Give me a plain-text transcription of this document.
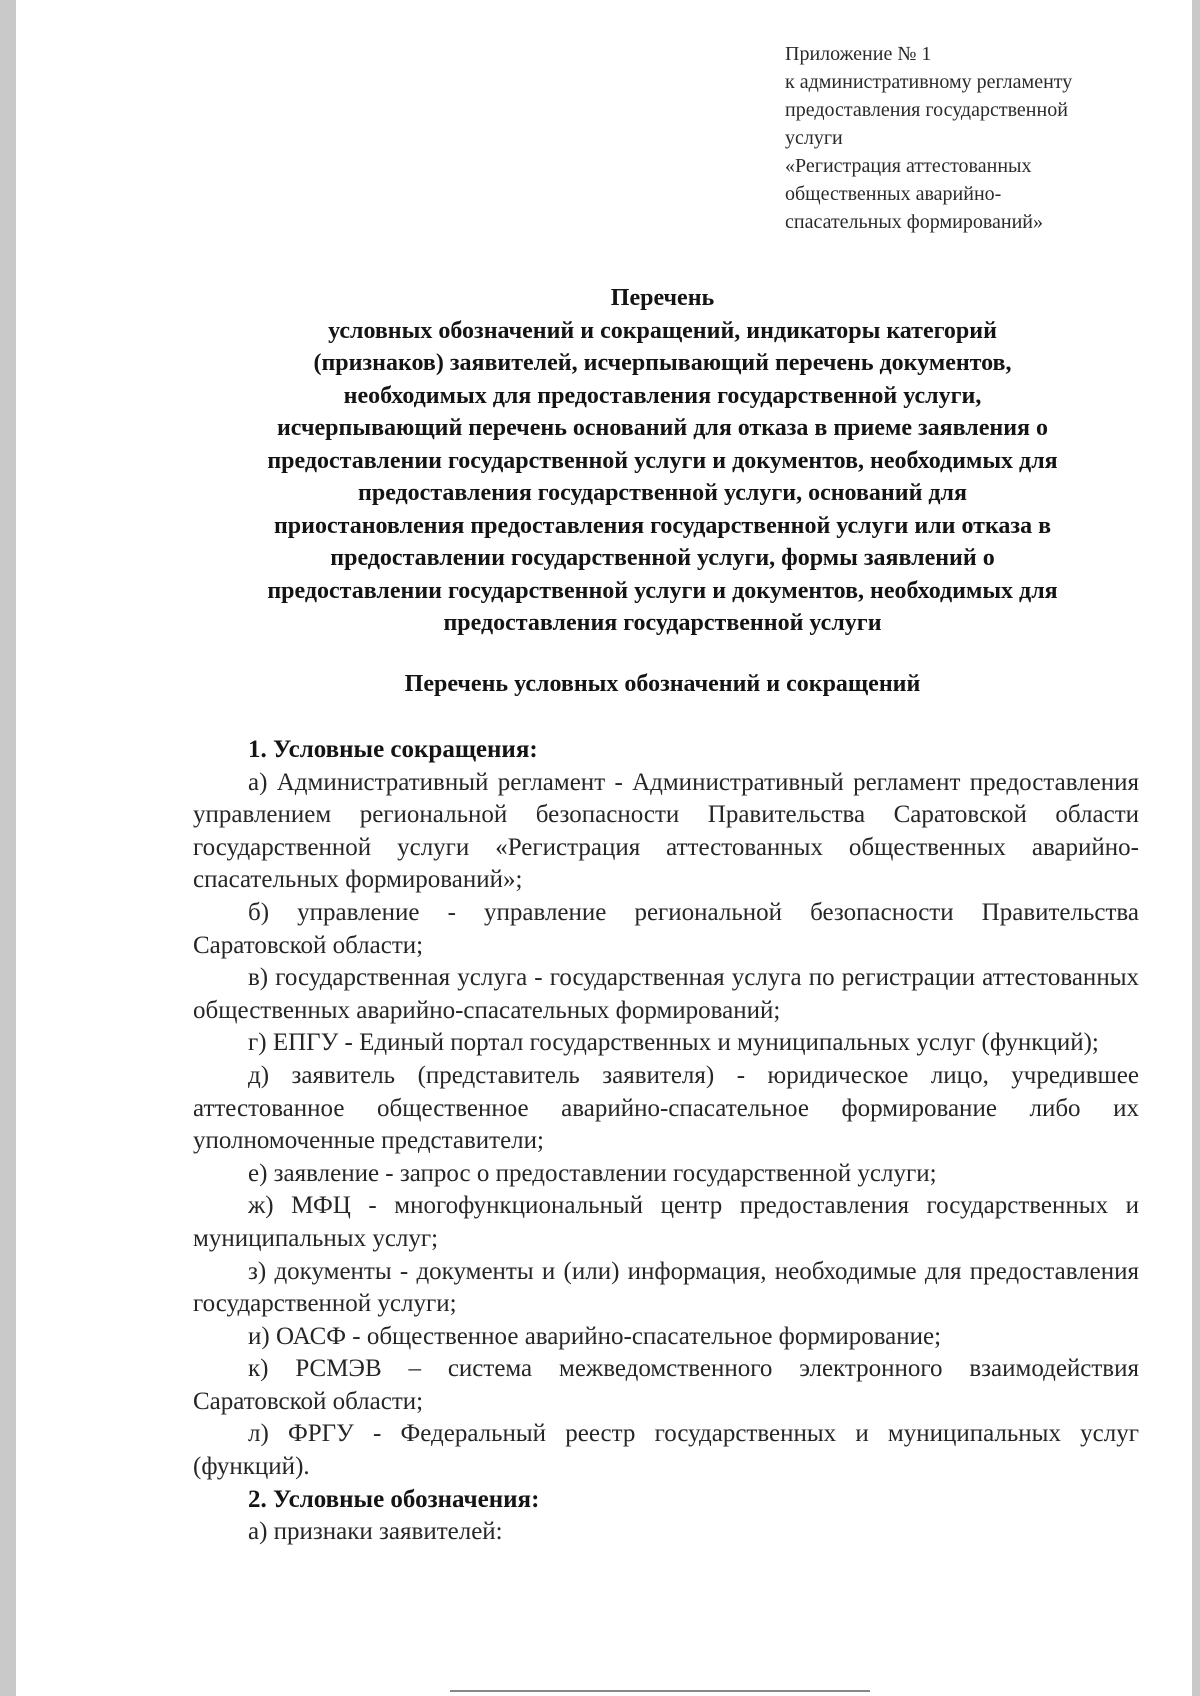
Приложение № 1
к административному регламенту
предоставления государственной
услуги
«Регистрация аттестованных
общественных аварийно-
спасательных формирований»
Перечень
условных обозначений и сокращений, индикаторы категорий
(признаков) заявителей, исчерпывающий перечень документов,
необходимых для предоставления государственной услуги,
исчерпывающий перечень оснований для отказа в приеме заявления о
предоставлении государственной услуги и документов, необходимых для
предоставления государственной услуги, оснований для
приостановления предоставления государственной услуги или отказа в
предоставлении государственной услуги, формы заявлений о
предоставлении государственной услуги и документов, необходимых для
предоставления государственной услуги
Перечень условных обозначений и сокращений

1. Условные сокращения:

а) Административный регламент - Административный регламент предоставления управлением региональной безопасности Правительства Саратовской области государственной услуги «Регистрация аттестованных общественных аварийно-спасательных формирований»;

б) управление - управление региональной безопасности Правительства Саратовской области;

в) государственная услуга - государственная услуга по регистрации аттестованных общественных аварийно-спасательных формирований;

г) ЕПГУ - Единый портал государственных и муниципальных услуг (функций);

д) заявитель (представитель заявителя) - юридическое лицо, учредившее аттестованное общественное аварийно-спасательное формирование либо их уполномоченные представители;

е) заявление - запрос о предоставлении государственной услуги;

ж) МФЦ - многофункциональный центр предоставления государственных и муниципальных услуг;

з) документы - документы и (или) информация, необходимые для предоставления государственной услуги;

и) ОАСФ - общественное аварийно-спасательное формирование;

к) РСМЭВ – система межведомственного электронного взаимодействия Саратовской области;

л) ФРГУ - Федеральный реестр государственных и муниципальных услуг (функций).

2. Условные обозначения:

а) признаки заявителей:
